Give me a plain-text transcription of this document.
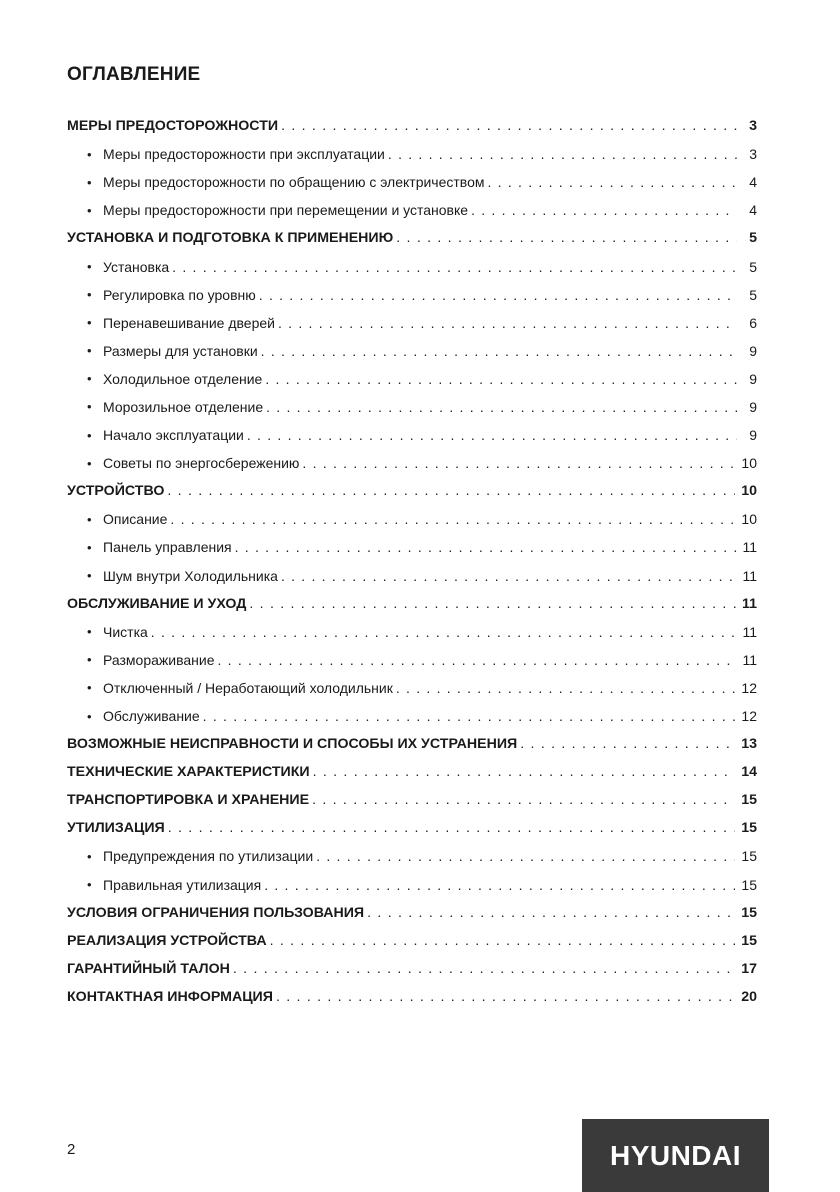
ОГЛАВЛЕНИЕ
МЕРЫ ПРЕДОСТОРОЖНОСТИ . . .	3
• Меры предосторожности при эксплуатации . . .	3
• Меры предосторожности по обращению с электричеством . . .	4
• Меры предосторожности при перемещении и установке . . .	4
УСТАНОВКА И ПОДГОТОВКА К ПРИМЕНЕНИЮ . . .	5
• Установка . . .	5
• Регулировка по уровню . . .	5
• Перенавешивание дверей . . .	6
• Размеры для установки . . .	9
• Холодильное отделение . . .	9
• Морозильное отделение . . .	9
• Начало эксплуатации . . .	9
• Советы по энергосбережению . . .	10
УСТРОЙСТВО . . .	10
• Описание . . .	10
• Панель управления . . .	11
• Шум внутри Холодильника . . .	11
ОБСЛУЖИВАНИЕ И УХОД . . .	11
• Чистка . . .	11
• Размораживание . . .	11
• Отключенный / Неработающий холодильник . . .	12
• Обслуживание . . .	12
ВОЗМОЖНЫЕ НЕИСПРАВНОСТИ И СПОСОБЫ ИХ УСТРАНЕНИЯ . . .	13
ТЕХНИЧЕСКИЕ ХАРАКТЕРИСТИКИ . . .	14
ТРАНСПОРТИРОВКА И ХРАНЕНИЕ . . .	15
УТИЛИЗАЦИЯ . . .	15
• Предупреждения по утилизации . . .	15
• Правильная утилизация . . .	15
УСЛОВИЯ ОГРАНИЧЕНИЯ ПОЛЬЗОВАНИЯ . . .	15
РЕАЛИЗАЦИЯ УСТРОЙСТВА . . .	15
ГАРАНТИЙНЫЙ ТАЛОН . . .	17
КОНТАКТНАЯ ИНФОРМАЦИЯ . . .	20

2	HYUNDAI
